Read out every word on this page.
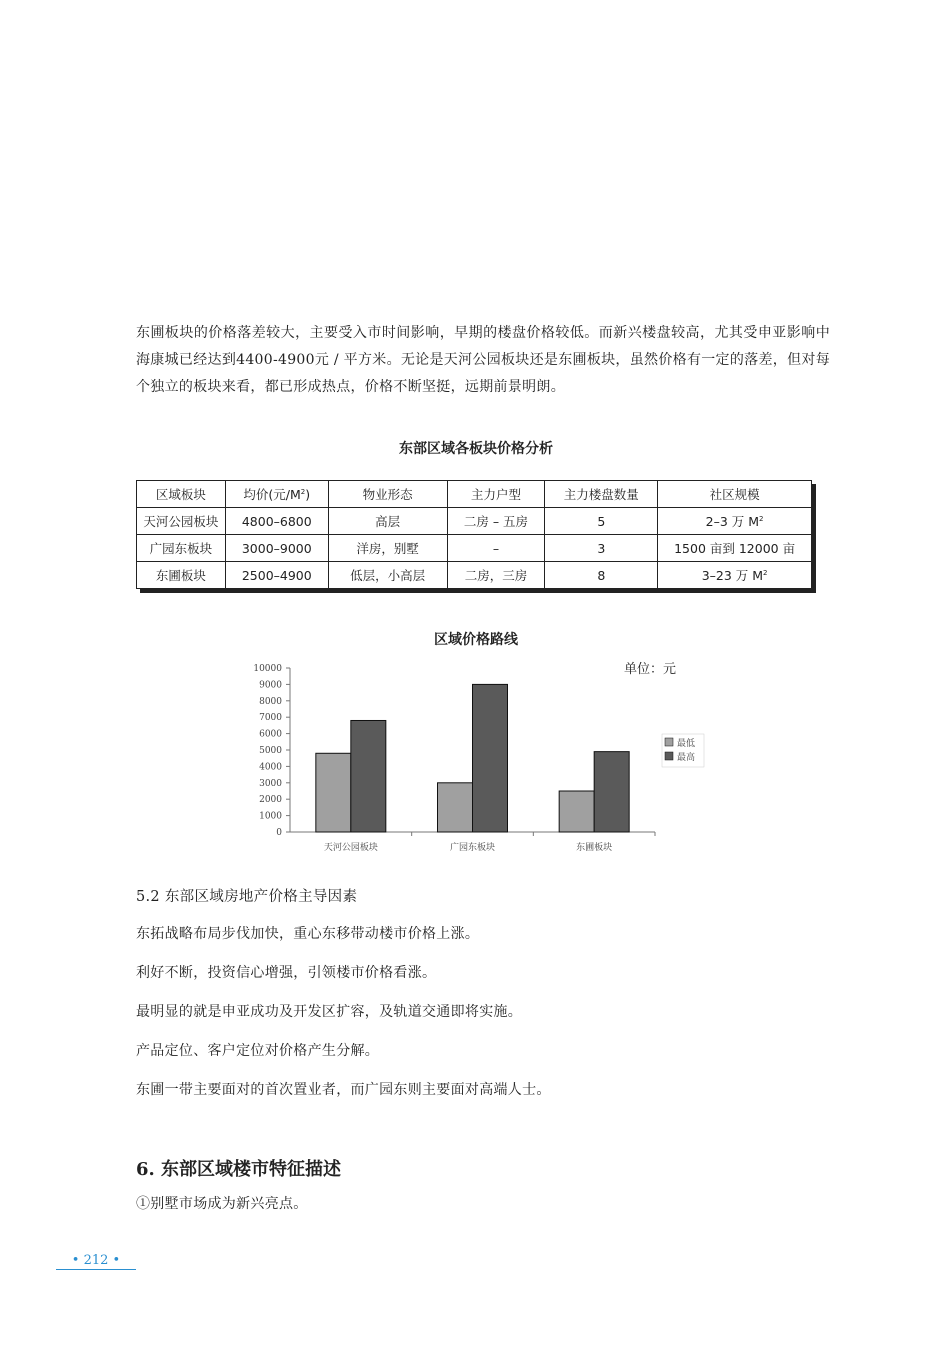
东圃板块的价格落差较大，主要受入市时间影响，早期的楼盘价格较低。而新兴楼盘较高，尤其受申亚影响中海康城已经达到4400-4900元 / 平方米。无论是天河公园板块还是东圃板块，虽然价格有一定的落差，但对每个独立的板块来看，都已形成热点，价格不断坚挺，远期前景明朗。
东部区域各板块价格分析
区域板块	均价(元$/M^2$)	物业形态	主力户型	主力楼盘数量	社区规模
天河公园板块	4800–6800	高层	二房 – 五房	5	2–3 万 $M^2$
广园东板块	3000–9000	洋房，别墅	–	3	1500 亩到 12000 亩
东圃板块	2500–4900	低层，小高层	二房，三房	8	3–23 万 $M^2$
区域价格路线
单位：元
0
1000
2000
3000
4000
5000
6000
7000
8000
9000
10000
天河公园板块	广园东板块	东圃板块
最低
最高
5.2 东部区域房地产价格主导因素
东拓战略布局步伐加快，重心东移带动楼市价格上涨。
利好不断，投资信心增强，引领楼市价格看涨。
最明显的就是申亚成功及开发区扩容，及轨道交通即将实施。
产品定位、客户定位对价格产生分解。
东圃一带主要面对的首次置业者，而广园东则主要面对高端人士。
6. 东部区域楼市特征描述
①别墅市场成为新兴亮点。
• 212 •
